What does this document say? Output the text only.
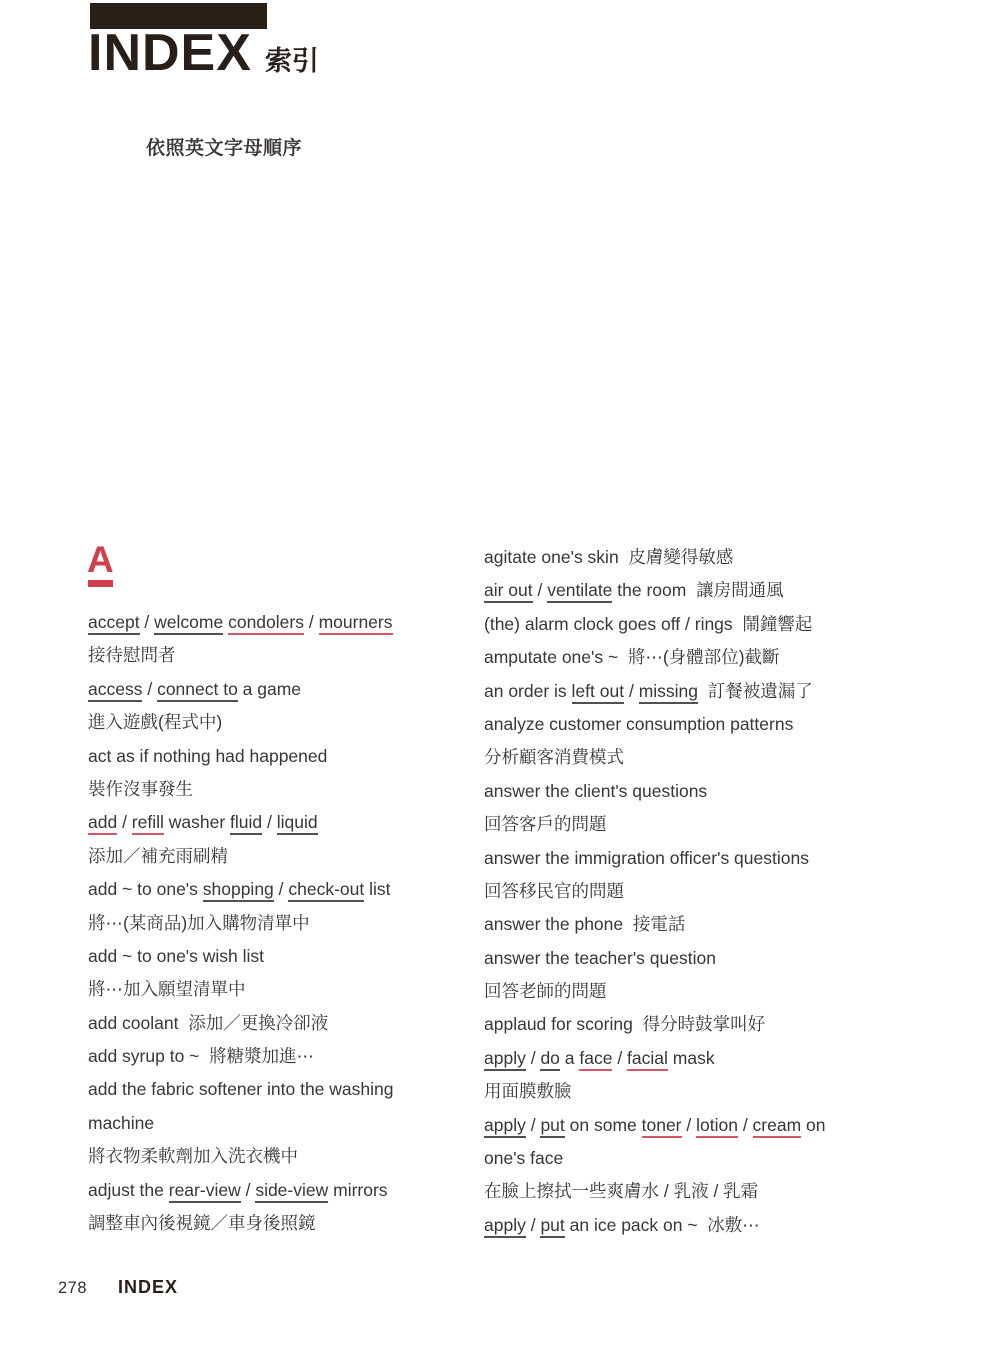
INDEX 索引
依照英文字母順序
A
accept / welcome condolers / mourners
接待慰問者
access / connect to a game
進入遊戲(程式中)
act as if nothing had happened
裝作沒事發生
add / refill washer fluid / liquid
添加／補充雨刷精
add ~ to one's shopping / check-out list
將⋯(某商品)加入購物清單中
add ~ to one's wish list
將⋯加入願望清單中
add coolant  添加／更換冷卻液
add syrup to ~  將糖漿加進⋯
add the fabric softener into the washing
machine
將衣物柔軟劑加入洗衣機中
adjust the rear-view / side-view mirrors
調整車內後視鏡／車身後照鏡
agitate one's skin  皮膚變得敏感
air out / ventilate the room  讓房間通風
(the) alarm clock goes off / rings  鬧鐘響起
amputate one's ~  將⋯(身體部位)截斷
an order is left out / missing  訂餐被遺漏了
analyze customer consumption patterns
分析顧客消費模式
answer the client's questions
回答客戶的問題
answer the immigration officer's questions
回答移民官的問題
answer the phone  接電話
answer the teacher's question
回答老師的問題
applaud for scoring  得分時鼓掌叫好
apply / do a face / facial mask
用面膜敷臉
apply / put on some toner / lotion / cream on
one's face
在臉上擦拭一些爽膚水 / 乳液 / 乳霜
apply / put an ice pack on ~  冰敷⋯
278 INDEX
